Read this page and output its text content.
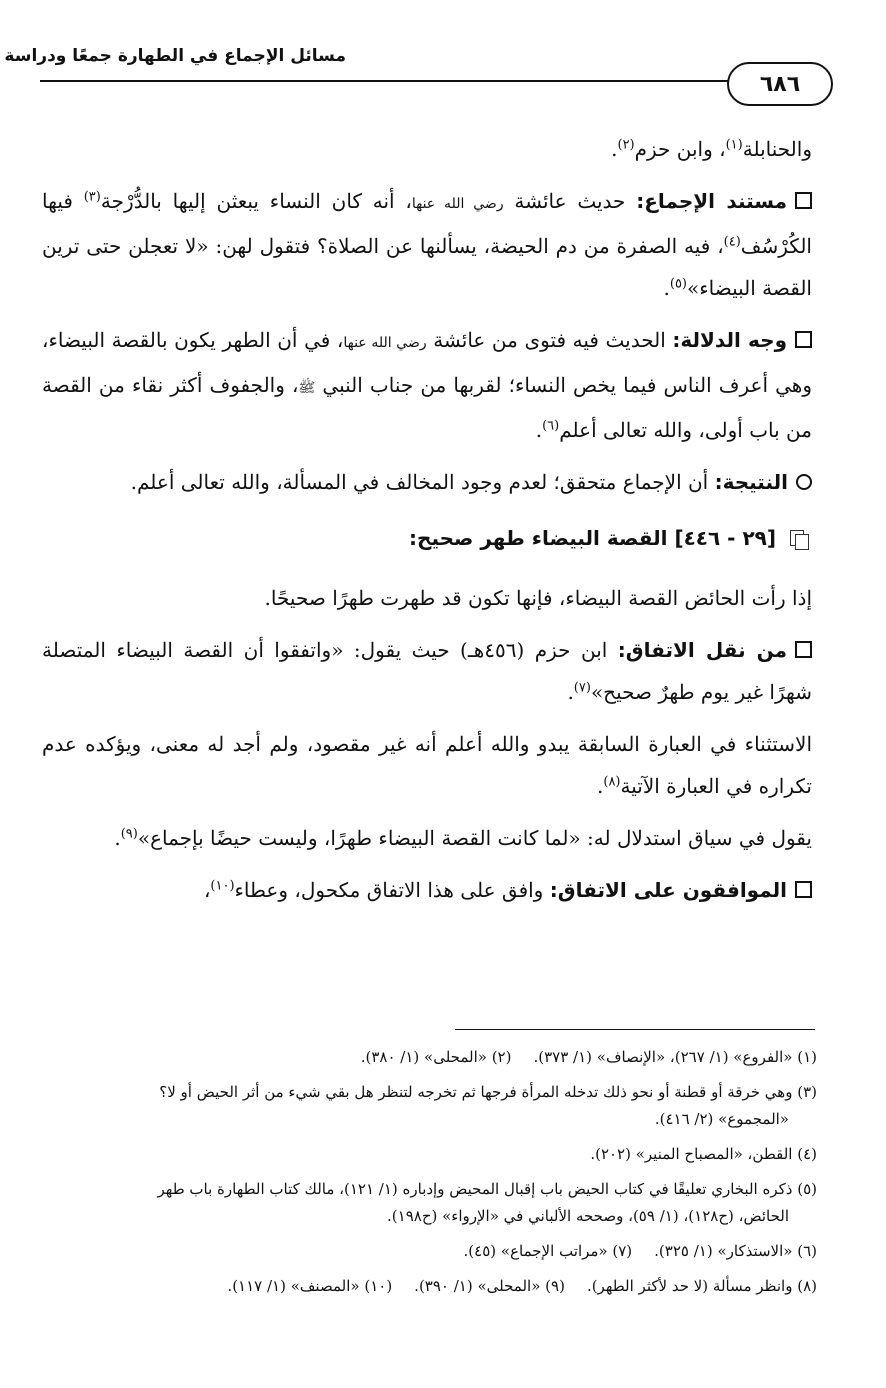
مسائل الإجماع في الطهارة جمعًا ودراسة
٦٨٦

والحنابلة$^{(١)}$، وابن حزم$^{(٢)}$.

مستند الإجماع: حديث عائشة رضي الله عنها، أنه كان النساء يبعثن إليها بالدُّرْجة$^{(٣)}$ فيها الكُرْسُف$^{(٤)}$، فيه الصفرة من دم الحيضة، يسألنها عن الصلاة؟ فتقول لهن: «لا تعجلن حتى ترين القصة البيضاء»$^{(٥)}$.

وجه الدلالة: الحديث فيه فتوى من عائشة رضي الله عنها، في أن الطهر يكون بالقصة البيضاء، وهي أعرف الناس فيما يخص النساء؛ لقربها من جناب النبي ﷺ، والجفوف أكثر نقاء من القصة من باب أولى، والله تعالى أعلم$^{(٦)}$.

النتيجة: أن الإجماع متحقق؛ لعدم وجود المخالف في المسألة، والله تعالى أعلم.

[٢٩ - ٤٤٦] القصة البيضاء طهر صحيح:

إذا رأت الحائض القصة البيضاء، فإنها تكون قد طهرت طهرًا صحيحًا.

من نقل الاتفاق: ابن حزم (٤٥٦هـ) حيث يقول: «واتفقوا أن القصة البيضاء المتصلة شهرًا غير يوم طهرٌ صحيح»$^{(٧)}$.

الاستثناء في العبارة السابقة يبدو والله أعلم أنه غير مقصود، ولم أجد له معنى، ويؤكده عدم تكراره في العبارة الآتية$^{(٨)}$.

يقول في سياق استدلال له: «لما كانت القصة البيضاء طهرًا، وليست حيضًا بإجماع»$^{(٩)}$.

الموافقون على الاتفاق: وافق على هذا الاتفاق مكحول، وعطاء$^{(١٠)}$،

(١) «الفروع» (١/ ٢٦٧)، «الإنصاف» (١/ ٣٧٣).
(٢) «المحلى» (١/ ٣٨٠).
(٣) وهي خرقة أو قطنة أو نحو ذلك تدخله المرأة فرجها ثم تخرجه لتنظر هل بقي شيء من أثر الحيض أو لا؟
«المجموع» (٢/ ٤١٦).
(٤) القطن، «المصباح المنير» (٢٠٢).
(٥) ذكره البخاري تعليقًا في كتاب الحيض باب إقبال المحيض وإدباره (١/ ١٢١)، مالك كتاب الطهارة باب طهر
الحائض، (ح١٢٨)، (١/ ٥٩)، وصححه الألباني في «الإرواء» (ح١٩٨).
(٦) «الاستذكار» (١/ ٣٢٥).
(٧) «مراتب الإجماع» (٤٥).
(٨) وانظر مسألة (لا حد لأكثر الطهر).
(٩) «المحلى» (١/ ٣٩٠).
(١٠) «المصنف» (١/ ١١٧).
